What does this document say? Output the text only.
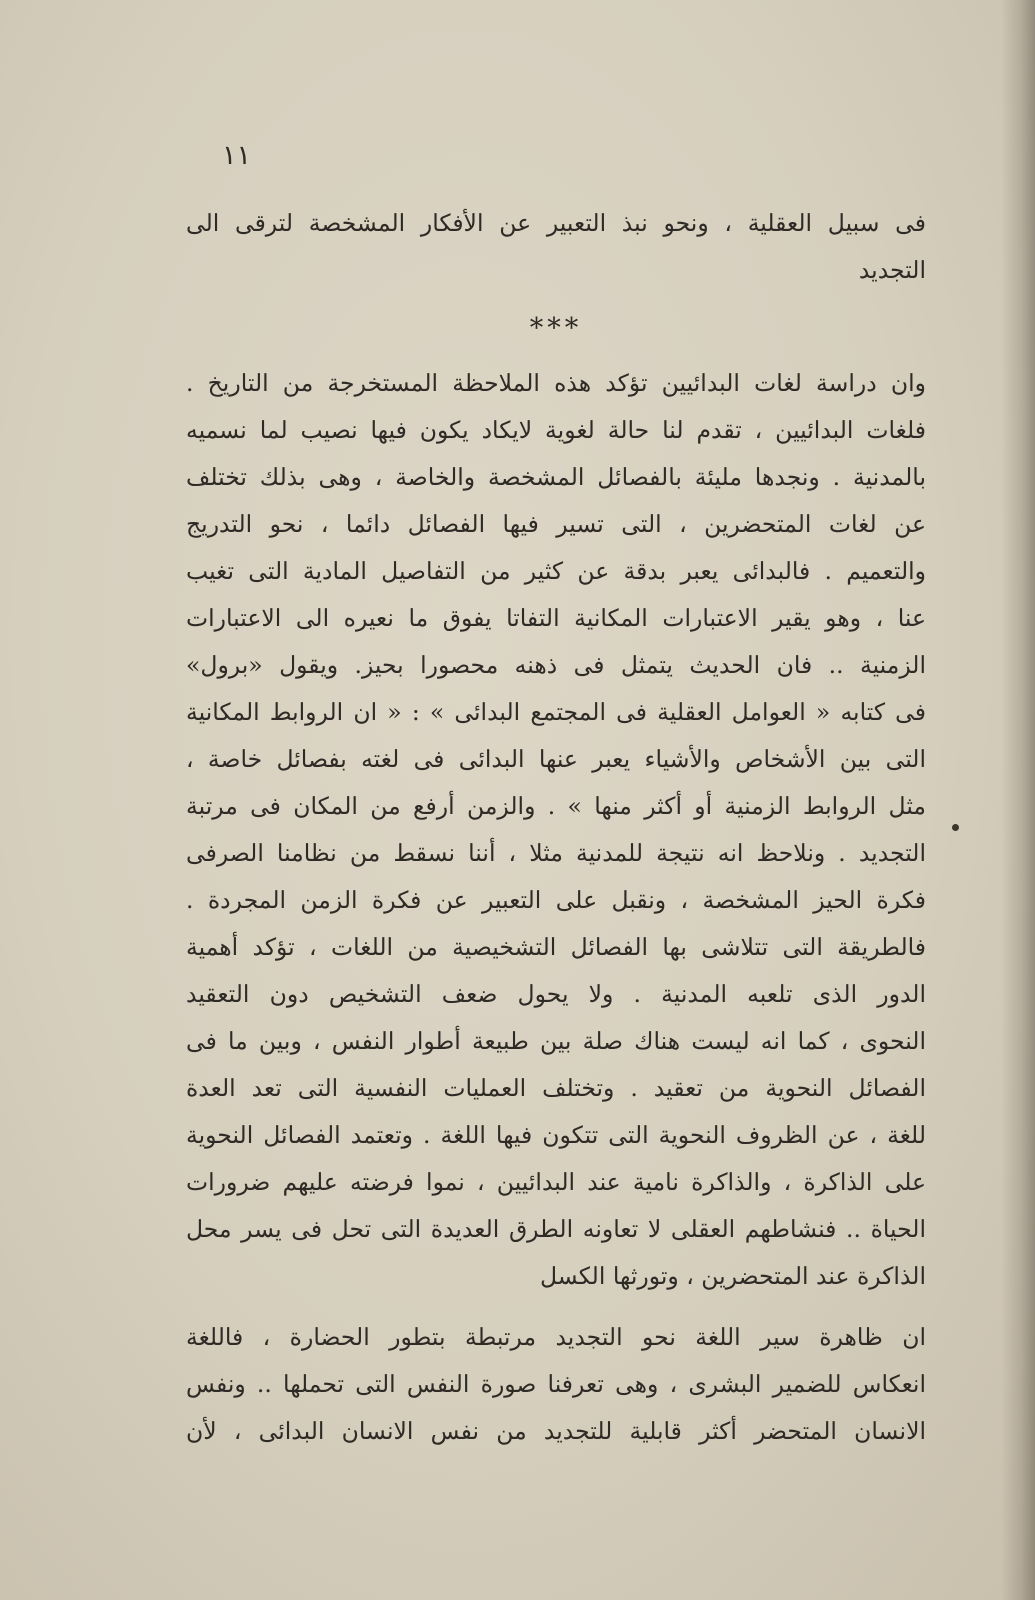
١١
فى سبيل العقلية ، ونحو نبذ التعبير عن الأفكار المشخصة لترقى الى
التجديد
***
وان دراسة لغات البدائيين تؤكد هذه الملاحظة المستخرجة من التاريخ .
فلغات البدائيين ، تقدم لنا حالة لغوية لايكاد يكون فيها نصيب لما نسميه
بالمدنية . ونجدها مليئة بالفصائل المشخصة والخاصة ، وهى بذلك تختلف
عن لغات المتحضرين ، التى تسير فيها الفصائل دائما ، نحو التدريج
والتعميم . فالبدائى يعبر بدقة عن كثير من التفاصيل المادية التى تغيب
عنا ، وهو يقير الاعتبارات المكانية التفاتا يفوق ما نعيره الى الاعتبارات
الزمنية .. فان الحديث يتمثل فى ذهنه محصورا بحيز. ويقول «برول»
فى كتابه « العوامل العقلية فى المجتمع البدائى » : « ان الروابط المكانية
التى بين الأشخاص والأشياء يعبر عنها البدائى فى لغته بفصائل خاصة ،
مثل الروابط الزمنية أو أكثر منها » . والزمن أرفع من المكان فى مرتبة
التجديد . ونلاحظ انه نتيجة للمدنية مثلا ، أننا نسقط من نظامنا الصرفى
فكرة الحيز المشخصة ، ونقبل على التعبير عن فكرة الزمن المجردة .
فالطريقة التى تتلاشى بها الفصائل التشخيصية من اللغات ، تؤكد أهمية
الدور الذى تلعبه المدنية . ولا يحول ضعف التشخيص دون التعقيد
النحوى ، كما انه ليست هناك صلة بين طبيعة أطوار النفس ، وبين ما فى
الفصائل النحوية من تعقيد . وتختلف العمليات النفسية التى تعد العدة
للغة ، عن الظروف النحوية التى تتكون فيها اللغة . وتعتمد الفصائل النحوية
على الذاكرة ، والذاكرة نامية عند البدائيين ، نموا فرضته عليهم ضرورات
الحياة .. فنشاطهم العقلى لا تعاونه الطرق العديدة التى تحل فى يسر محل
الذاكرة عند المتحضرين ، وتورثها الكسل
ان ظاهرة سير اللغة نحو التجديد مرتبطة بتطور الحضارة ، فاللغة
انعكاس للضمير البشرى ، وهى تعرفنا صورة النفس التى تحملها .. ونفس
الانسان المتحضر أكثر قابلية للتجديد من نفس الانسان البدائى ، لأن
